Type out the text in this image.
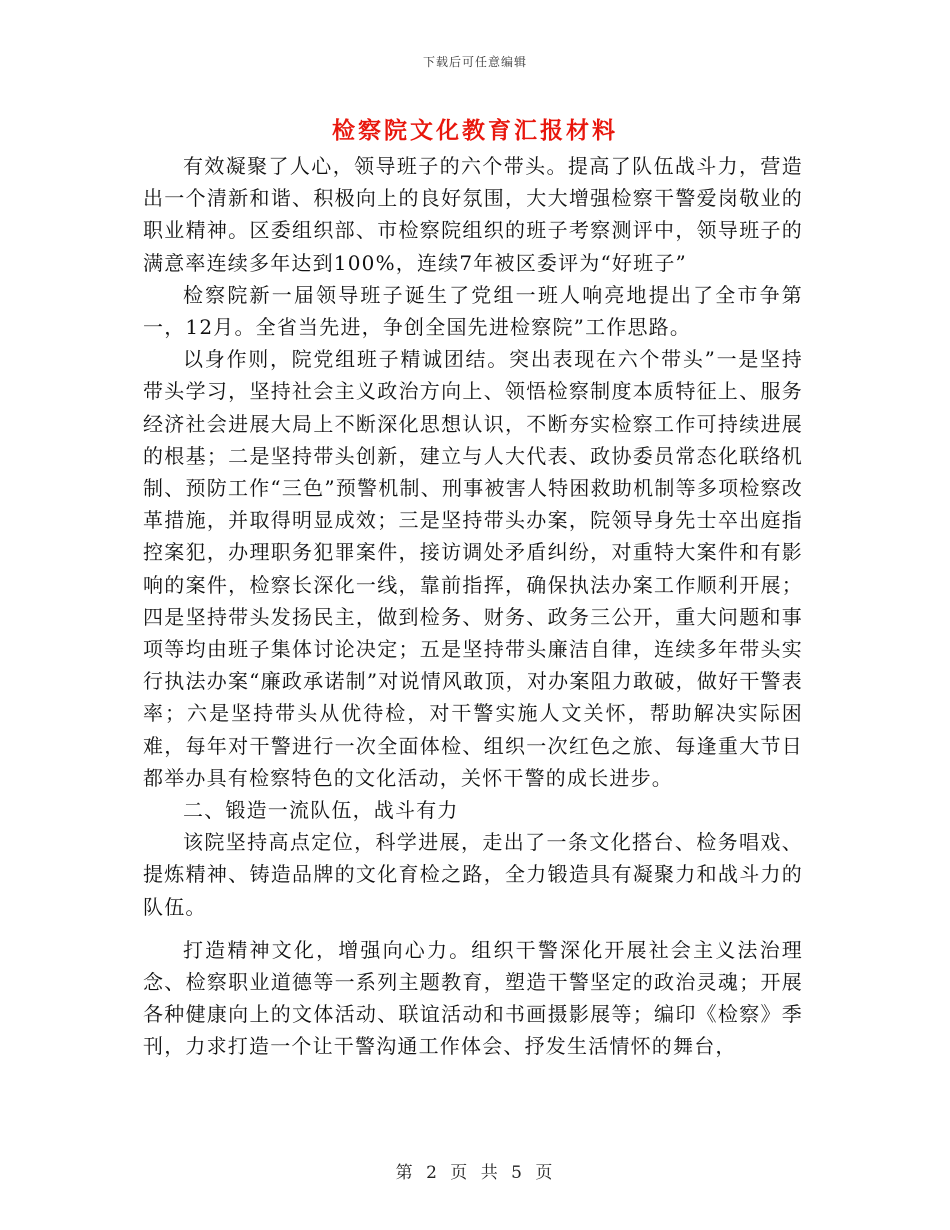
下载后可任意编辑
检察院文化教育汇报材料

有效凝聚了人心，领导班子的六个带头。提高了队伍战斗力，营造出一个清新和谐、积极向上的良好氛围，大大增强检察干警爱岗敬业的职业精神。区委组织部、市检察院组织的班子考察测评中，领导班子的满意率连续多年达到100%，连续7年被区委评为“好班子”

检察院新一届领导班子诞生了党组一班人响亮地提出了全市争第一，12月。全省当先进，争创全国先进检察院”工作思路。

以身作则，院党组班子精诚团结。突出表现在六个带头”一是坚持带头学习，坚持社会主义政治方向上、领悟检察制度本质特征上、服务经济社会进展大局上不断深化思想认识，不断夯实检察工作可持续进展的根基；二是坚持带头创新，建立与人大代表、政协委员常态化联络机制、预防工作“三色”预警机制、刑事被害人特困救助机制等多项检察改革措施，并取得明显成效；三是坚持带头办案，院领导身先士卒出庭指控案犯，办理职务犯罪案件，接访调处矛盾纠纷，对重特大案件和有影响的案件，检察长深化一线，靠前指挥，确保执法办案工作顺利开展；四是坚持带头发扬民主，做到检务、财务、政务三公开，重大问题和事项等均由班子集体讨论决定；五是坚持带头廉洁自律，连续多年带头实行执法办案“廉政承诺制”对说情风敢顶，对办案阻力敢破，做好干警表率；六是坚持带头从优待检，对干警实施人文关怀，帮助解决实际困难，每年对干警进行一次全面体检、组织一次红色之旅、每逢重大节日都举办具有检察特色的文化活动，关怀干警的成长进步。

二、锻造一流队伍，战斗有力

该院坚持高点定位，科学进展，走出了一条文化搭台、检务唱戏、提炼精神、铸造品牌的文化育检之路，全力锻造具有凝聚力和战斗力的队伍。

打造精神文化，增强向心力。组织干警深化开展社会主义法治理念、检察职业道德等一系列主题教育，塑造干警坚定的政治灵魂；开展各种健康向上的文体活动、联谊活动和书画摄影展等；编印《检察》季刊，力求打造一个让干警沟通工作体会、抒发生活情怀的舞台，

第 2 页 共 5 页
